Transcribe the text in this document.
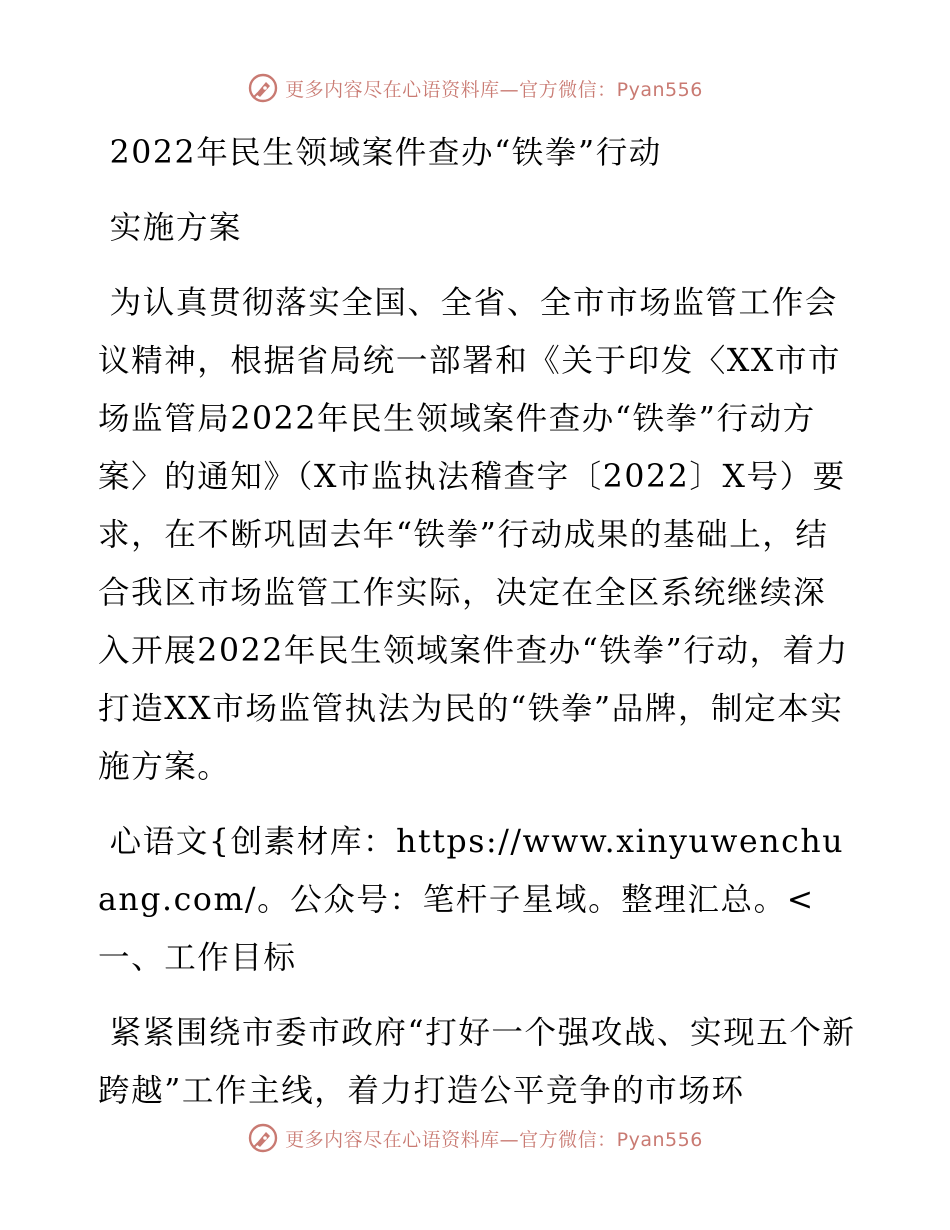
更多内容尽在心语资料库—官方微信：Pyan556

2022年民生领域案件查办“铁拳”行动

实施方案

为认真贯彻落实全国、全省、全市市场监管工作会议精神，根据省局统一部署和《关于印发〈XX市市场监管局2022年民生领域案件查办“铁拳”行动方案〉的通知》（X市监执法稽查字〔2022〕X号）要求，在不断巩固去年“铁拳”行动成果的基础上，结合我区市场监管工作实际，决定在全区系统继续深入开展2022年民生领域案件查办“铁拳”行动，着力打造XX市场监管执法为民的“铁拳”品牌，制定本实施方案。

心语文{创素材库：https://www.xinyuwenchuang.com/。公众号：笔杆子星域。整理汇总。<一、工作目标

紧紧围绕市委市政府“打好一个强攻战、实现五个新跨越”工作主线，着力打造公平竞争的市场环

更多内容尽在心语资料库—官方微信：Pyan556
